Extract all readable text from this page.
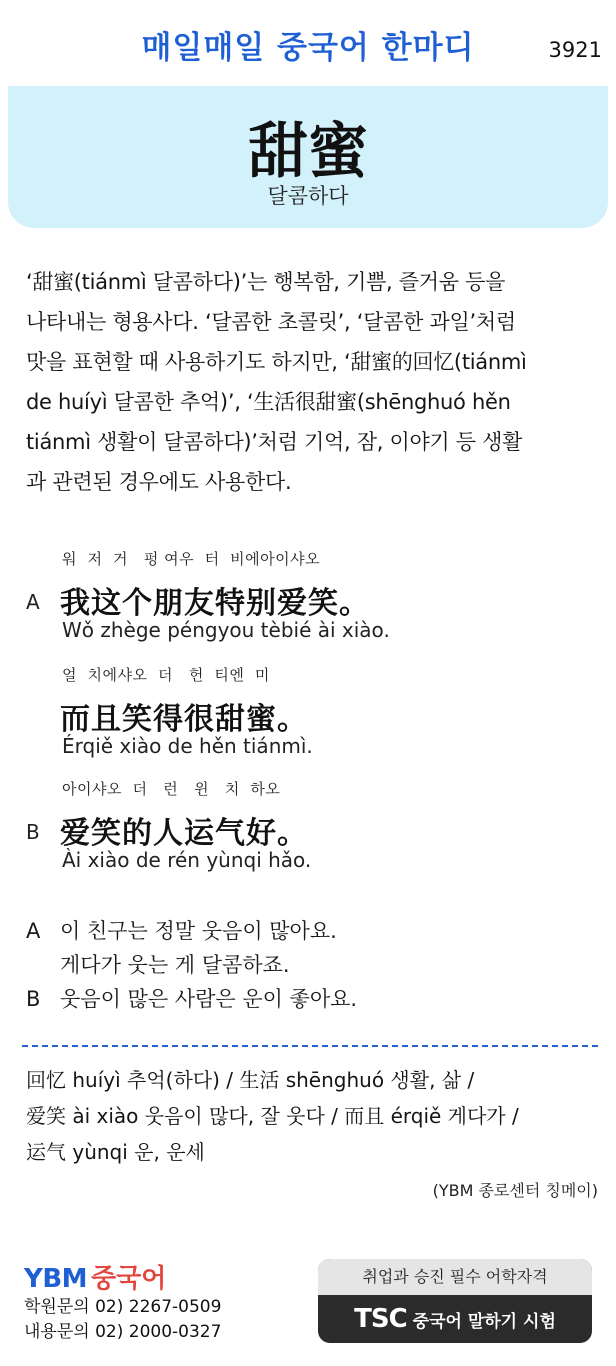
매일매일 중국어 한마디	3921
甜蜜
달콤하다
‘甜蜜(tiánmì 달콤하다)’는 행복함, 기쁨, 즐거움 등을
나타내는 형용사다. ‘달콤한 초콜릿’, ‘달콤한 과일’처럼
맛을 표현할 때 사용하기도 하지만, ‘甜蜜的回忆(tiánmì
de huíyì 달콤한 추억)’, ‘生活很甜蜜(shēnghuó hěn
tiánmì 생활이 달콤하다)’처럼 기억, 잠, 이야기 등 생활
과 관련된 경우에도 사용한다.
워  저  거   펑 여우  터  비에아이샤오
A 我这个朋友特别爱笑。
Wǒ zhège péngyou tèbié ài xiào.
얼  치에샤오  더   헌  티엔  미
而且笑得很甜蜜。
Érqiě xiào de hěn tiánmì.
아이샤오  더   런   윈   치  하오
B 爱笑的人运气好。
Ài xiào de rén yùnqi hǎo.
A 이 친구는 정말 웃음이 많아요.
게다가 웃는 게 달콤하죠.
B 웃음이 많은 사람은 운이 좋아요.
回忆 huíyì 추억(하다) / 生活 shēnghuó 생활, 삶 /
爱笑 ài xiào 웃음이 많다, 잘 웃다 / 而且 érqiě 게다가 /
运气 yùnqi 운, 운세
(YBM 종로센터 칭메이)
YBM 중국어
학원문의 02) 2267-0509
내용문의 02) 2000-0327
취업과 승진 필수 어학자격
TSC 중국어 말하기 시험
